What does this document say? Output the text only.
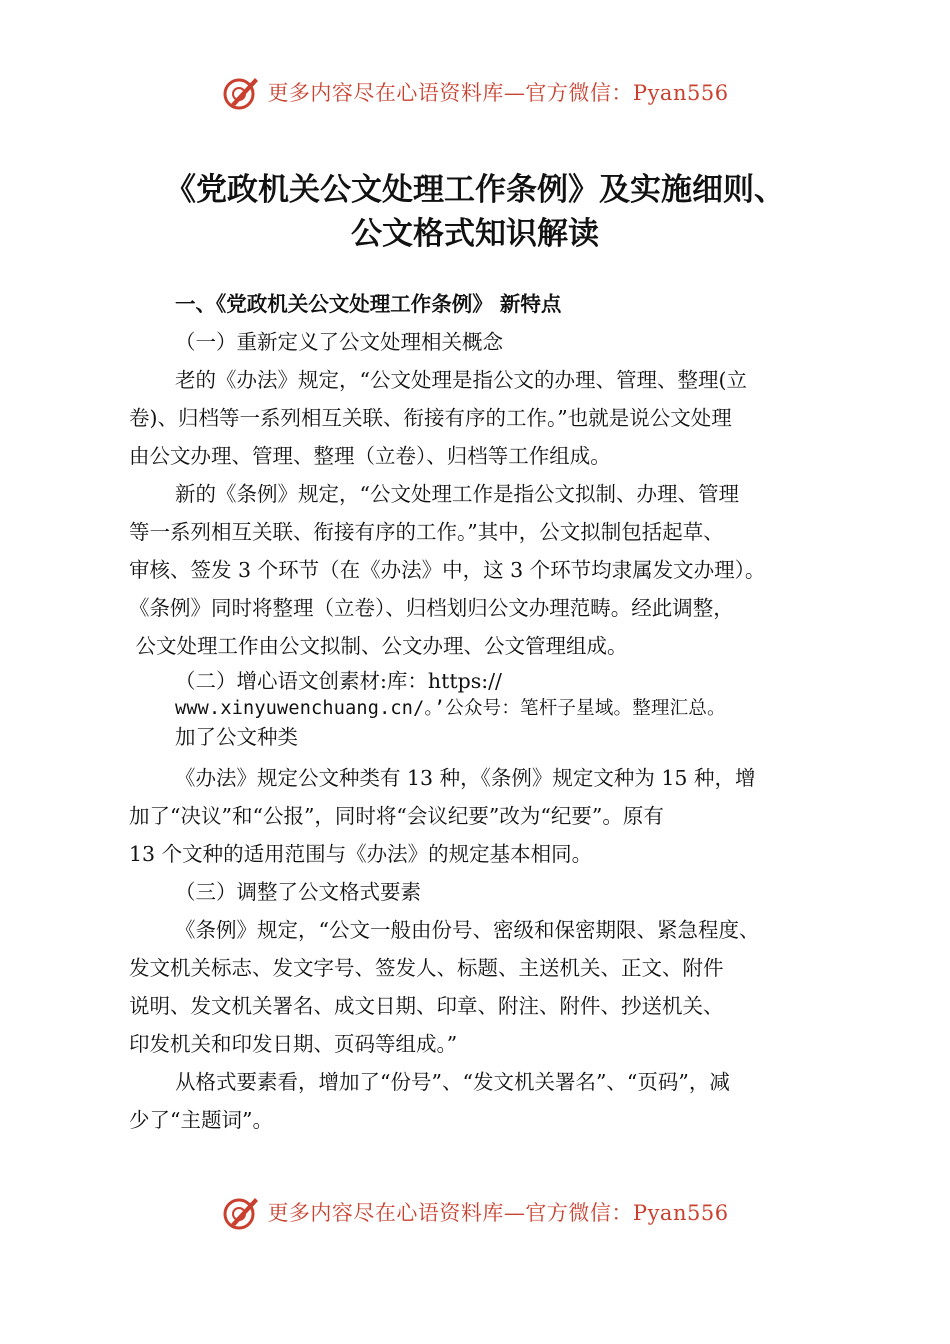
更多内容尽在心语资料库—官方微信：Pyan556
《党政机关公文处理工作条例》及实施细则、
公文格式知识解读

一、《党政机关公文处理工作条例》 新特点

（一）重新定义了公文处理相关概念

老的《办法》规定，“公文处理是指公文的办理、管理、整理(立

卷)、归档等一系列相互关联、衔接有序的工作。”也就是说公文处理

由公文办理、管理、整理（立卷）、归档等工作组成。

新的《条例》规定，“公文处理工作是指公文拟制、办理、管理

等一系列相互关联、衔接有序的工作。”其中，公文拟制包括起草、

审核、签发 3 个环节（在《办法》中，这 3 个环节均隶属发文办理）。

《条例》同时将整理（立卷）、归档划归公文办理范畴。经此调整，

公文处理工作由公文拟制、公文办理、公文管理组成。

（二）增心语文创素材:库：https://

www.xinyuwenchuang.cn/。’公众号：笔杆子星域。整理汇总。

加了公文种类

《办法》规定公文种类有 13 种，《条例》规定文种为 15 种，增

加了“决议”和“公报”，同时将“会议纪要”改为“纪要”。原有

13 个文种的适用范围与《办法》的规定基本相同。

（三）调整了公文格式要素

《条例》规定，“公文一般由份号、密级和保密期限、紧急程度、

发文机关标志、发文字号、签发人、标题、主送机关、正文、附件

说明、发文机关署名、成文日期、印章、附注、附件、抄送机关、

印发机关和印发日期、页码等组成。”

从格式要素看，增加了“份号”、“发文机关署名”、“页码”，减

少了“主题词”。

更多内容尽在心语资料库—官方微信：Pyan556
